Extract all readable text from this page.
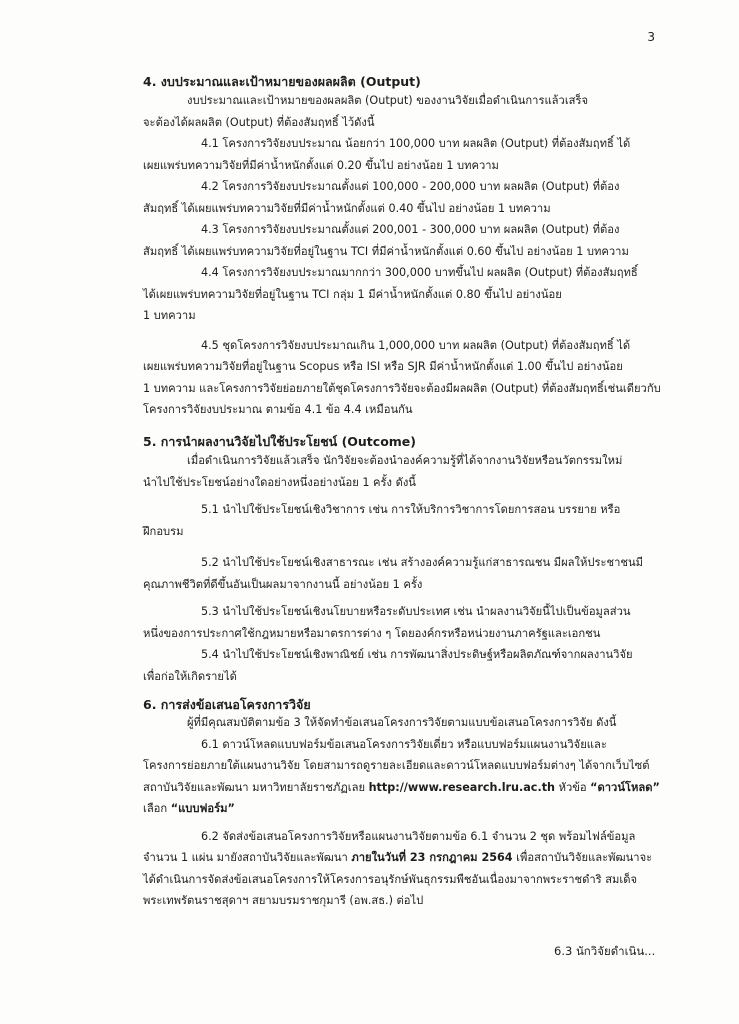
3
4. งบประมาณและเป้าหมายของผลผลิต (Output)
งบประมาณและเป้าหมายของผลผลิต (Output) ของงานวิจัยเมื่อดำเนินการแล้วเสร็จ
จะต้องได้ผลผลิต (Output) ที่ต้องสัมฤทธิ์ ไว้ดังนี้
4.1 โครงการวิจัยงบประมาณ น้อยกว่า 100,000 บาท ผลผลิต (Output) ที่ต้องสัมฤทธิ์ ได้
เผยแพร่บทความวิจัยที่มีค่าน้ำหนักตั้งแต่ 0.20 ขึ้นไป อย่างน้อย 1 บทความ
4.2 โครงการวิจัยงบประมาณตั้งแต่ 100,000 - 200,000 บาท ผลผลิต (Output) ที่ต้อง
สัมฤทธิ์ ได้เผยแพร่บทความวิจัยที่มีค่าน้ำหนักตั้งแต่ 0.40 ขึ้นไป อย่างน้อย 1 บทความ
4.3 โครงการวิจัยงบประมาณตั้งแต่ 200,001 - 300,000 บาท ผลผลิต (Output) ที่ต้อง
สัมฤทธิ์ ได้เผยแพร่บทความวิจัยที่อยู่ในฐาน TCI ที่มีค่าน้ำหนักตั้งแต่ 0.60 ขึ้นไป อย่างน้อย 1 บทความ
4.4 โครงการวิจัยงบประมาณมากกว่า 300,000 บาทขึ้นไป ผลผลิต (Output) ที่ต้องสัมฤทธิ์
ได้เผยแพร่บทความวิจัยที่อยู่ในฐาน TCI กลุ่ม 1 มีค่าน้ำหนักตั้งแต่ 0.80 ขึ้นไป อย่างน้อย
1 บทความ
4.5 ชุดโครงการวิจัยงบประมาณเกิน 1,000,000 บาท ผลผลิต (Output) ที่ต้องสัมฤทธิ์ ได้
เผยแพร่บทความวิจัยที่อยู่ในฐาน Scopus หรือ ISI หรือ SJR มีค่าน้ำหนักตั้งแต่ 1.00 ขึ้นไป อย่างน้อย
1 บทความ และโครงการวิจัยย่อยภายใต้ชุดโครงการวิจัยจะต้องมีผลผลิต (Output) ที่ต้องสัมฤทธิ์เช่นเดียวกับ
โครงการวิจัยงบประมาณ ตามข้อ 4.1 ข้อ 4.4 เหมือนกัน
5. การนำผลงานวิจัยไปใช้ประโยชน์ (Outcome)
เมื่อดำเนินการวิจัยแล้วเสร็จ นักวิจัยจะต้องนำองค์ความรู้ที่ได้จากงานวิจัยหรือนวัตกรรมใหม่
นำไปใช้ประโยชน์อย่างใดอย่างหนึ่งอย่างน้อย 1 ครั้ง ดังนี้
5.1 นำไปใช้ประโยชน์เชิงวิชาการ เช่น การให้บริการวิชาการโดยการสอน บรรยาย หรือ
ฝึกอบรม
5.2 นำไปใช้ประโยชน์เชิงสาธารณะ เช่น สร้างองค์ความรู้แก่สาธารณชน มีผลให้ประชาชนมี
คุณภาพชีวิตที่ดีขึ้นอันเป็นผลมาจากงานนี้ อย่างน้อย 1 ครั้ง
5.3 นำไปใช้ประโยชน์เชิงนโยบายหรือระดับประเทศ เช่น นำผลงานวิจัยนี้ไปเป็นข้อมูลส่วน
หนึ่งของการประกาศใช้กฎหมายหรือมาตรการต่าง ๆ โดยองค์กรหรือหน่วยงานภาครัฐและเอกชน
5.4 นำไปใช้ประโยชน์เชิงพาณิชย์ เช่น การพัฒนาสิ่งประดิษฐ์หรือผลิตภัณฑ์จากผลงานวิจัย
เพื่อก่อให้เกิดรายได้
6. การส่งข้อเสนอโครงการวิจัย
ผู้ที่มีคุณสมบัติตามข้อ 3 ให้จัดทำข้อเสนอโครงการวิจัยตามแบบข้อเสนอโครงการวิจัย ดังนี้
6.1 ดาวน์โหลดแบบฟอร์มข้อเสนอโครงการวิจัยเดี่ยว หรือแบบฟอร์มแผนงานวิจัยและ
โครงการย่อยภายใต้แผนงานวิจัย โดยสามารถดูรายละเอียดและดาวน์โหลดแบบฟอร์มต่างๆ ได้จากเว็บไซต์
สถาบันวิจัยและพัฒนา มหาวิทยาลัยราชภัฏเลย http://www.research.lru.ac.th หัวข้อ “ดาวน์โหลด”
เลือก “แบบฟอร์ม”
6.2 จัดส่งข้อเสนอโครงการวิจัยหรือแผนงานวิจัยตามข้อ 6.1 จำนวน 2 ชุด พร้อมไฟล์ข้อมูล
จำนวน 1 แผ่น มายังสถาบันวิจัยและพัฒนา ภายในวันที่ 23 กรกฎาคม 2564 เพื่อสถาบันวิจัยและพัฒนาจะ
ได้ดำเนินการจัดส่งข้อเสนอโครงการให้โครงการอนุรักษ์พันธุกรรมพืชอันเนื่องมาจากพระราชดำริ สมเด็จ
พระเทพรัตนราชสุดาฯ สยามบรมราชกุมารี (อพ.สธ.) ต่อไป
6.3 นักวิจัยดำเนิน...
